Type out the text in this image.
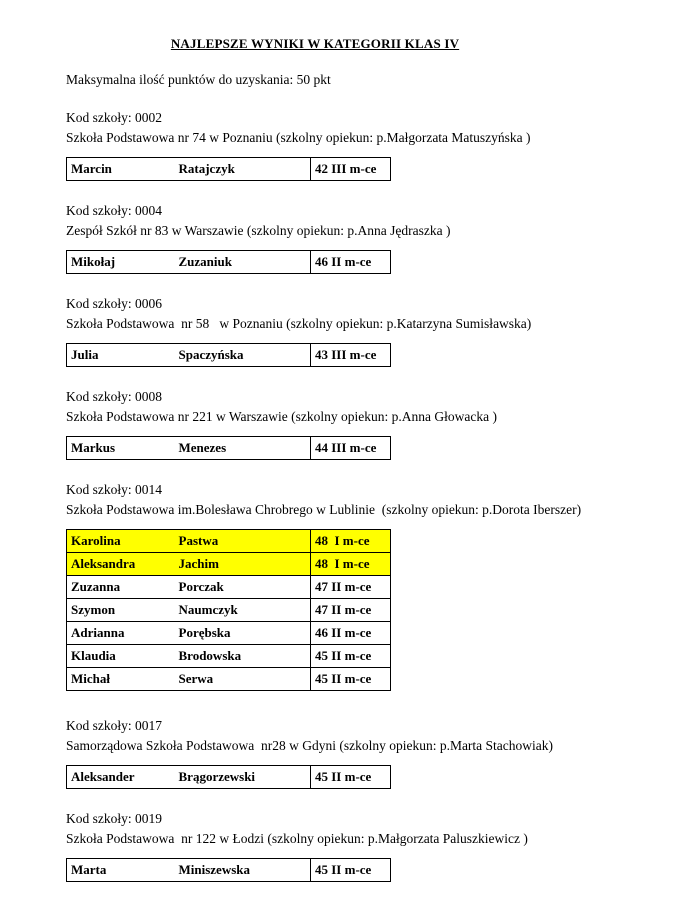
NAJLEPSZE WYNIKI W KATEGORII KLAS IV
Maksymalna ilość punktów do uzyskania: 50 pkt
Kod szkoły: 0002
Szkoła Podstawowa nr 74 w Poznaniu (szkolny opiekun: p.Małgorzata Matuszyńska )
Marcin	Ratajczyk	42 III m-ce
Kod szkoły: 0004
Zespół Szkół nr 83 w Warszawie (szkolny opiekun: p.Anna Jędraszka )
Mikołaj	Zuzaniuk	46 II m-ce
Kod szkoły: 0006
Szkoła Podstawowa  nr 58   w Poznaniu (szkolny opiekun: p.Katarzyna Sumisławska)
Julia	Spaczyńska	43 III m-ce
Kod szkoły: 0008
Szkoła Podstawowa nr 221 w Warszawie (szkolny opiekun: p.Anna Głowacka )
Markus	Menezes	44 III m-ce
Kod szkoły: 0014
Szkoła Podstawowa im.Bolesława Chrobrego w Lublinie  (szkolny opiekun: p.Dorota Iberszer)
Karolina	Pastwa	48  I m-ce
Aleksandra	Jachim	48  I m-ce
Zuzanna	Porczak	47 II m-ce
Szymon	Naumczyk	47 II m-ce
Adrianna	Porębska	46 II m-ce
Klaudia	Brodowska	45 II m-ce
Michał	Serwa	45 II m-ce
Kod szkoły: 0017
Samorządowa Szkoła Podstawowa  nr28 w Gdyni (szkolny opiekun: p.Marta Stachowiak)
Aleksander	Brągorzewski	45 II m-ce
Kod szkoły: 0019
Szkoła Podstawowa  nr 122 w Łodzi (szkolny opiekun: p.Małgorzata Paluszkiewicz )
Marta	Miniszewska	45 II m-ce
